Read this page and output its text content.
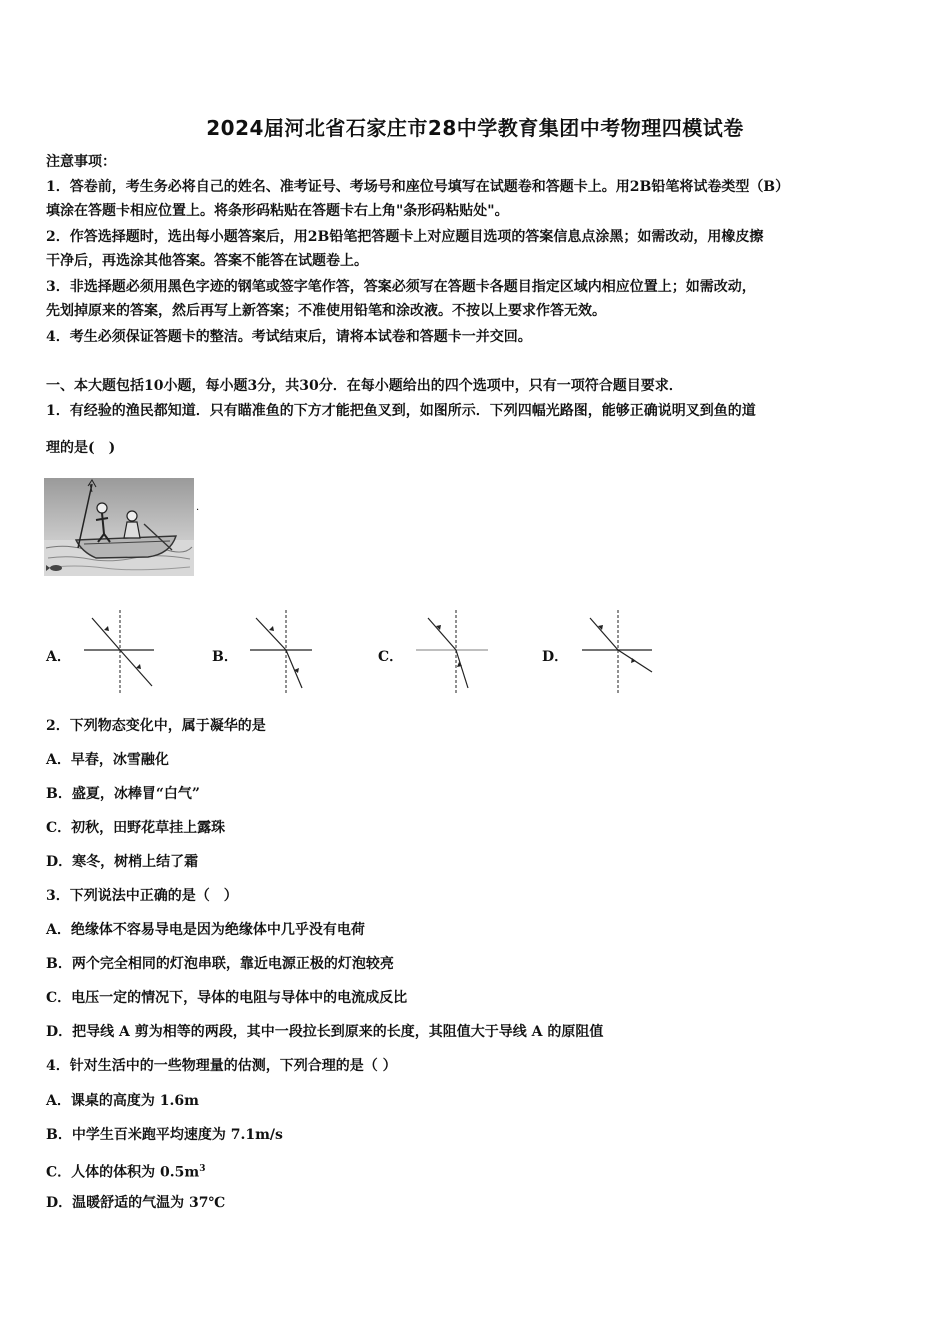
2024届河北省石家庄市28中学教育集团中考物理四模试卷
注意事项：
1．答卷前，考生务必将自己的姓名、准考证号、考场号和座位号填写在试题卷和答题卡上。用2B铅笔将试卷类型（B）
填涂在答题卡相应位置上。将条形码粘贴在答题卡右上角"条形码粘贴处"。
2．作答选择题时，选出每小题答案后，用2B铅笔把答题卡上对应题目选项的答案信息点涂黑；如需改动，用橡皮擦
干净后，再选涂其他答案。答案不能答在试题卷上。
3．非选择题必须用黑色字迹的钢笔或签字笔作答，答案必须写在答题卡各题目指定区域内相应位置上；如需改动，
先划掉原来的答案，然后再写上新答案；不准使用铅笔和涂改液。不按以上要求作答无效。
4．考生必须保证答题卡的整洁。考试结束后，请将本试卷和答题卡一并交回。
一、本大题包括10小题，每小题3分，共30分．在每小题给出的四个选项中，只有一项符合题目要求．
1．有经验的渔民都知道．只有瞄准鱼的下方才能把鱼叉到，如图所示．下列四幅光路图，能够正确说明叉到鱼的道
理的是(　)
·
A．	B．	C．	D．
2．下列物态变化中，属于凝华的是
A．早春，冰雪融化
B．盛夏，冰棒冒“白气”
C．初秋，田野花草挂上露珠
D．寒冬，树梢上结了霜
3．下列说法中正确的是（　）
A．绝缘体不容易导电是因为绝缘体中几乎没有电荷
B．两个完全相同的灯泡串联，靠近电源正极的灯泡较亮
C．电压一定的情况下，导体的电阻与导体中的电流成反比
D．把导线 A 剪为相等的两段，其中一段拉长到原来的长度，其阻值大于导线 A 的原阻值
4．针对生活中的一些物理量的估测，下列合理的是（ ）
A．课桌的高度为 1.6m
B．中学生百米跑平均速度为 7.1m/s
C．人体的体积为 $0.5m^3$
D．温暖舒适的气温为 37℃
